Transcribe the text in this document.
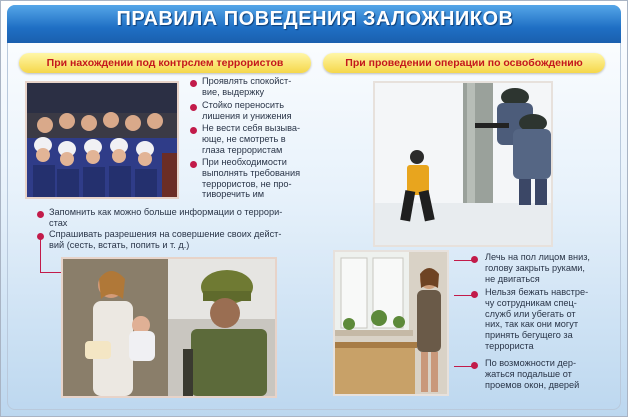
ПРАВИЛА ПОВЕДЕНИЯ ЗАЛОЖНИКОВ
При нахождении под контрслем террористов	При проведении операции по освобождению

Проявлять спокойст-

вие, выдержку

Стойко переносить

лишения и унижения

Не вести себя вызыва-

юще, не смотреть в

глаза террористам

При необходимости

выполнять требования

террористов, не про-

тиворечить им

Запомнить как можно больше информации о террори-

стах

Спрашивать разрешения на совершение своих дейст-

вий (сесть, встать, попить и т. д.)

Лечь на пол лицом вниз,

голову закрыть руками,

не двигаться

Нельзя бежать навстре-

чу сотрудникам спец-

служб или убегать от

них, так как они могут

принять бегущего за

террориста

По возможности дер-

жаться подальше от

проемов окон, дверей
